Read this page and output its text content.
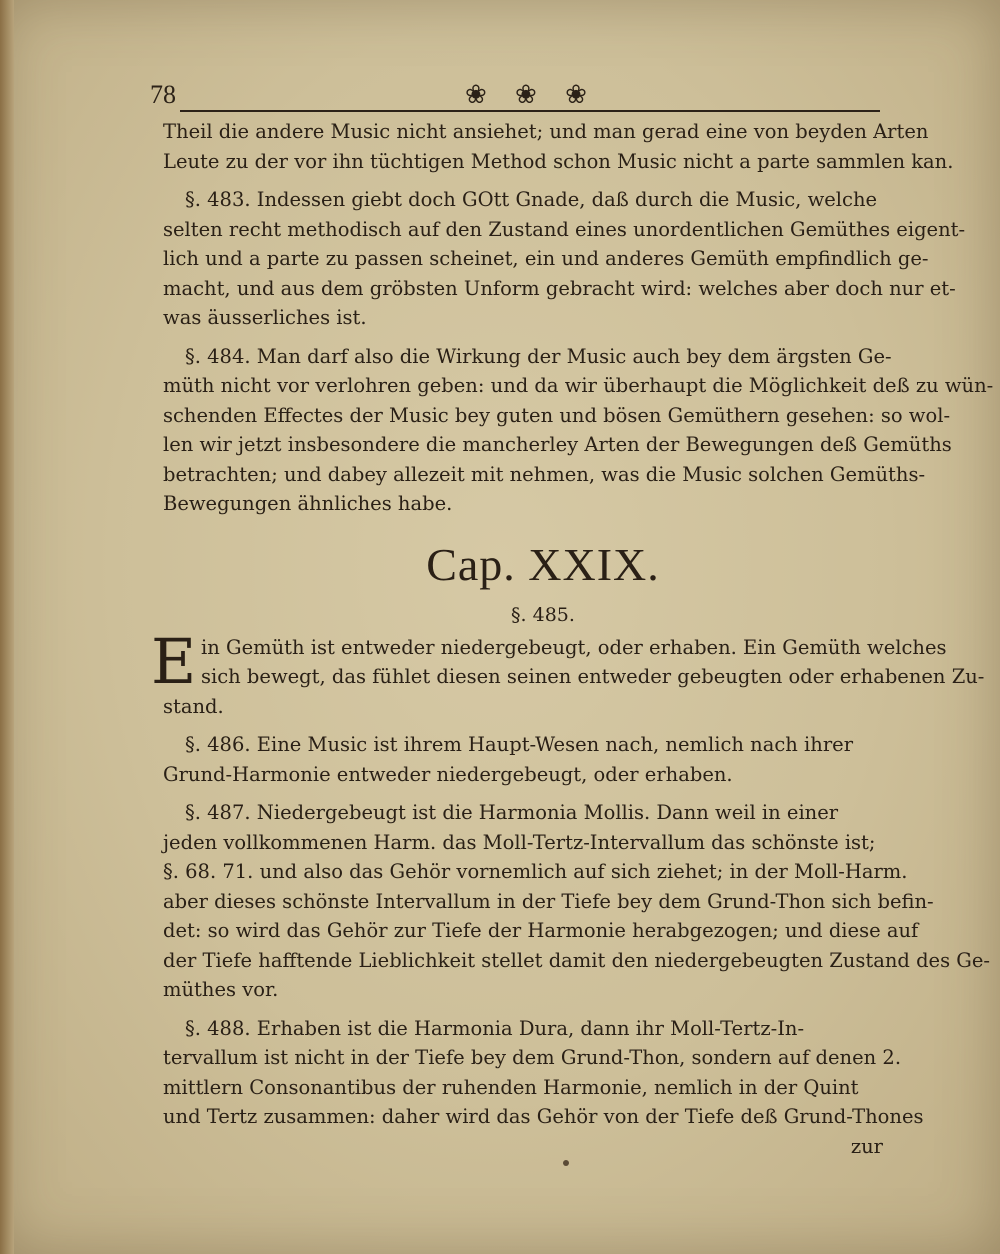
78	❀ ❀ ❀
Theil die andere Music nicht ansiehet; und man gerad eine von beyden Arten
Leute zu der vor ihn tüchtigen Method schon Music nicht a parte sammlen kan.
§. 483. Indessen giebt doch GOtt Gnade, daß durch die Music, welche
selten recht methodisch auf den Zustand eines unordentlichen Gemüthes eigent-
lich und a parte zu passen scheinet, ein und anderes Gemüth empfindlich ge-
macht, und aus dem gröbsten Unform gebracht wird: welches aber doch nur et-
was äusserliches ist.
§. 484. Man darf also die Wirkung der Music auch bey dem ärgsten Ge-
müth nicht vor verlohren geben: und da wir überhaupt die Möglichkeit deß zu wün-
schenden Effectes der Music bey guten und bösen Gemüthern gesehen: so wol-
len wir jetzt insbesondere die mancherley Arten der Bewegungen deß Gemüths
betrachten; und dabey allezeit mit nehmen, was die Music solchen Gemüths-
Bewegungen ähnliches habe.
Cap. XXIX.
§. 485.
E in Gemüth ist entweder niedergebeugt, oder erhaben. Ein Gemüth welches
sich bewegt, das fühlet diesen seinen entweder gebeugten oder erhabenen Zu-
stand.
§. 486. Eine Music ist ihrem Haupt-Wesen nach, nemlich nach ihrer
Grund-Harmonie entweder niedergebeugt, oder erhaben.
§. 487. Niedergebeugt ist die Harmonia Mollis. Dann weil in einer
jeden vollkommenen Harm. das Moll-Tertz-Intervallum das schönste ist;
§. 68. 71. und also das Gehör vornemlich auf sich ziehet; in der Moll-Harm.
aber dieses schönste Intervallum in der Tiefe bey dem Grund-Thon sich befin-
det: so wird das Gehör zur Tiefe der Harmonie herabgezogen; und diese auf
der Tiefe hafftende Lieblichkeit stellet damit den niedergebeugten Zustand des Ge-
müthes vor.
§. 488. Erhaben ist die Harmonia Dura, dann ihr Moll-Tertz-In-
tervallum ist nicht in der Tiefe bey dem Grund-Thon, sondern auf denen 2.
mittlern Consonantibus der ruhenden Harmonie, nemlich in der Quint
und Tertz zusammen: daher wird das Gehör von der Tiefe deß Grund-Thones
zur
